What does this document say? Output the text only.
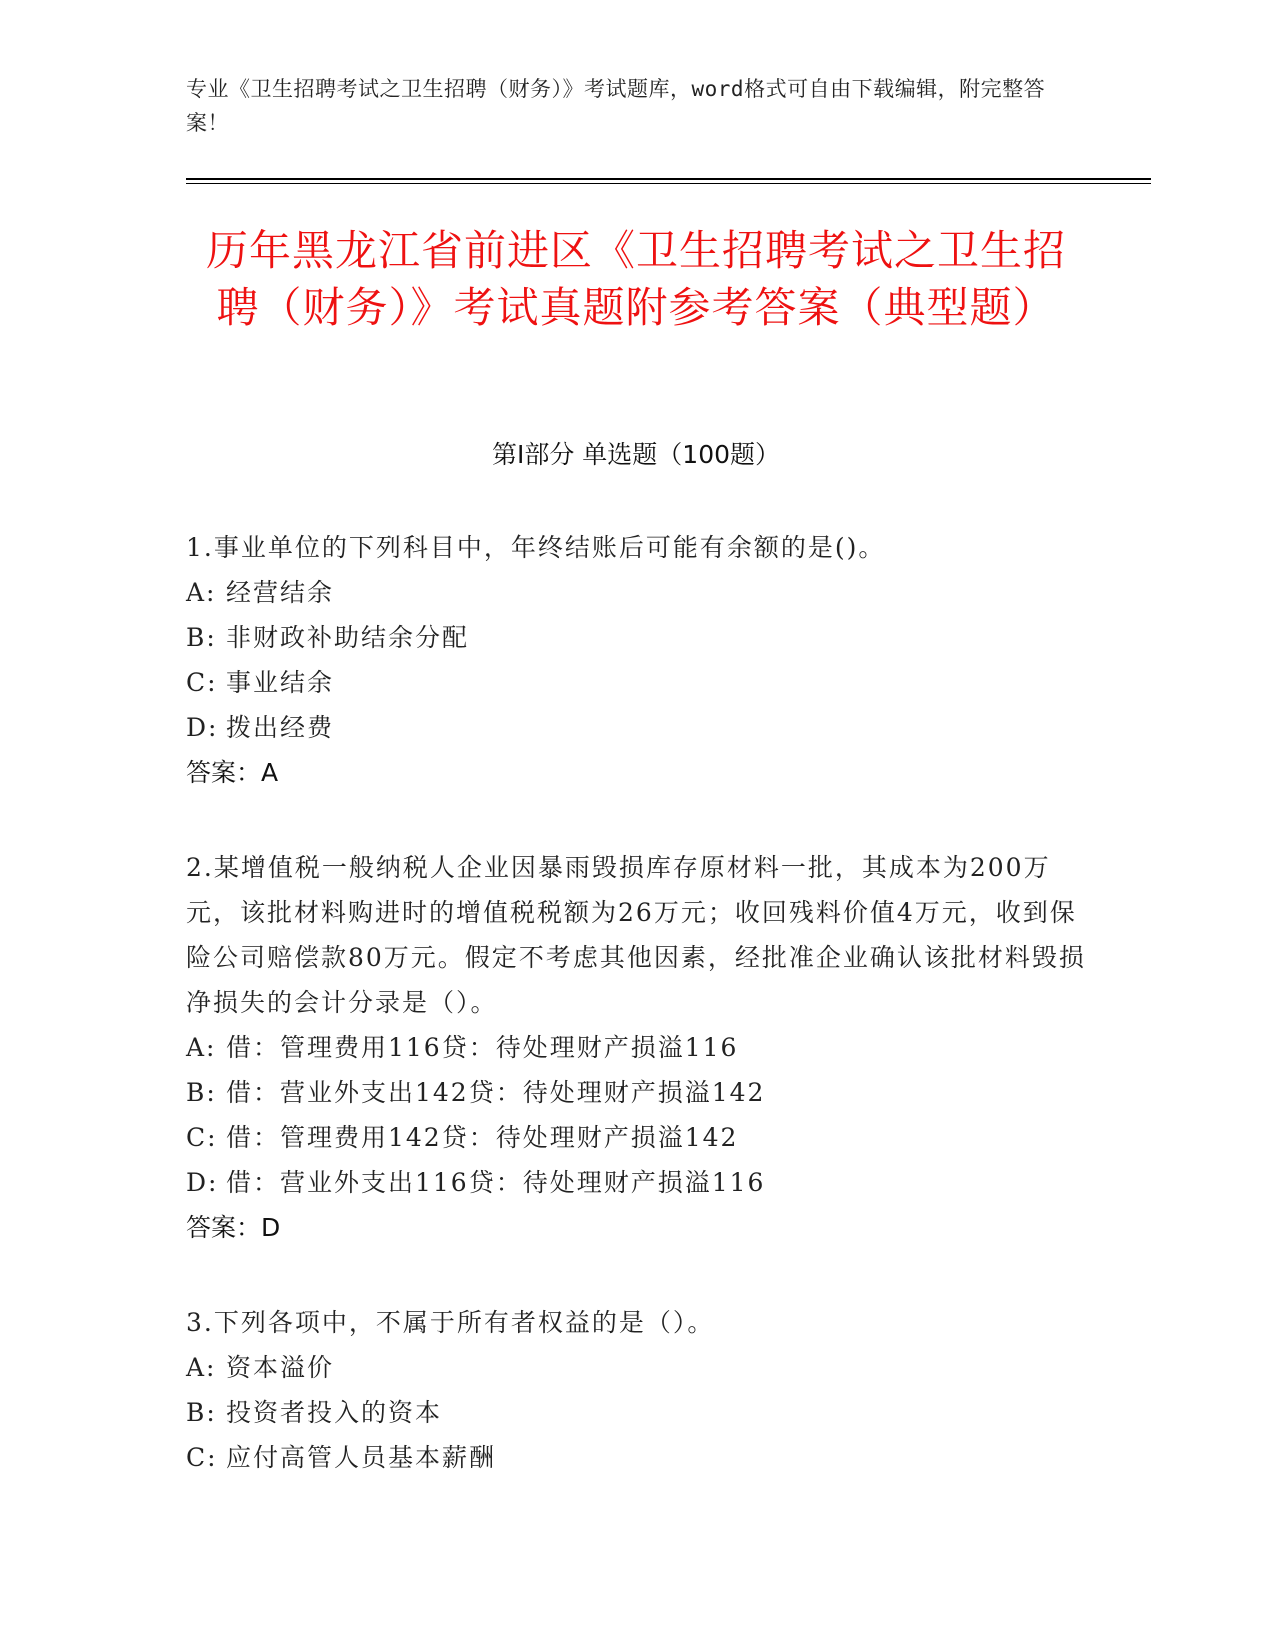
专业《卫生招聘考试之卫生招聘（财务）》考试题库，word格式可自由下载编辑，附完整答案！
历年黑龙江省前进区《卫生招聘考试之卫生招聘（财务）》考试真题附参考答案（典型题）
第Ⅰ部分 单选题（100题）
1.事业单位的下列科目中，年终结账后可能有余额的是()。
A: 经营结余
B: 非财政补助结余分配
C: 事业结余
D: 拨出经费
答案：A
2.某增值税一般纳税人企业因暴雨毁损库存原材料一批，其成本为200万元，该批材料购进时的增值税税额为26万元；收回残料价值4万元，收到保险公司赔偿款80万元。假定不考虑其他因素，经批准企业确认该批材料毁损净损失的会计分录是（）。
A: 借：管理费用116贷：待处理财产损溢116
B: 借：营业外支出142贷：待处理财产损溢142
C: 借：管理费用142贷：待处理财产损溢142
D: 借：营业外支出116贷：待处理财产损溢116
答案：D
3.下列各项中，不属于所有者权益的是（）。
A: 资本溢价
B: 投资者投入的资本
C: 应付高管人员基本薪酬
